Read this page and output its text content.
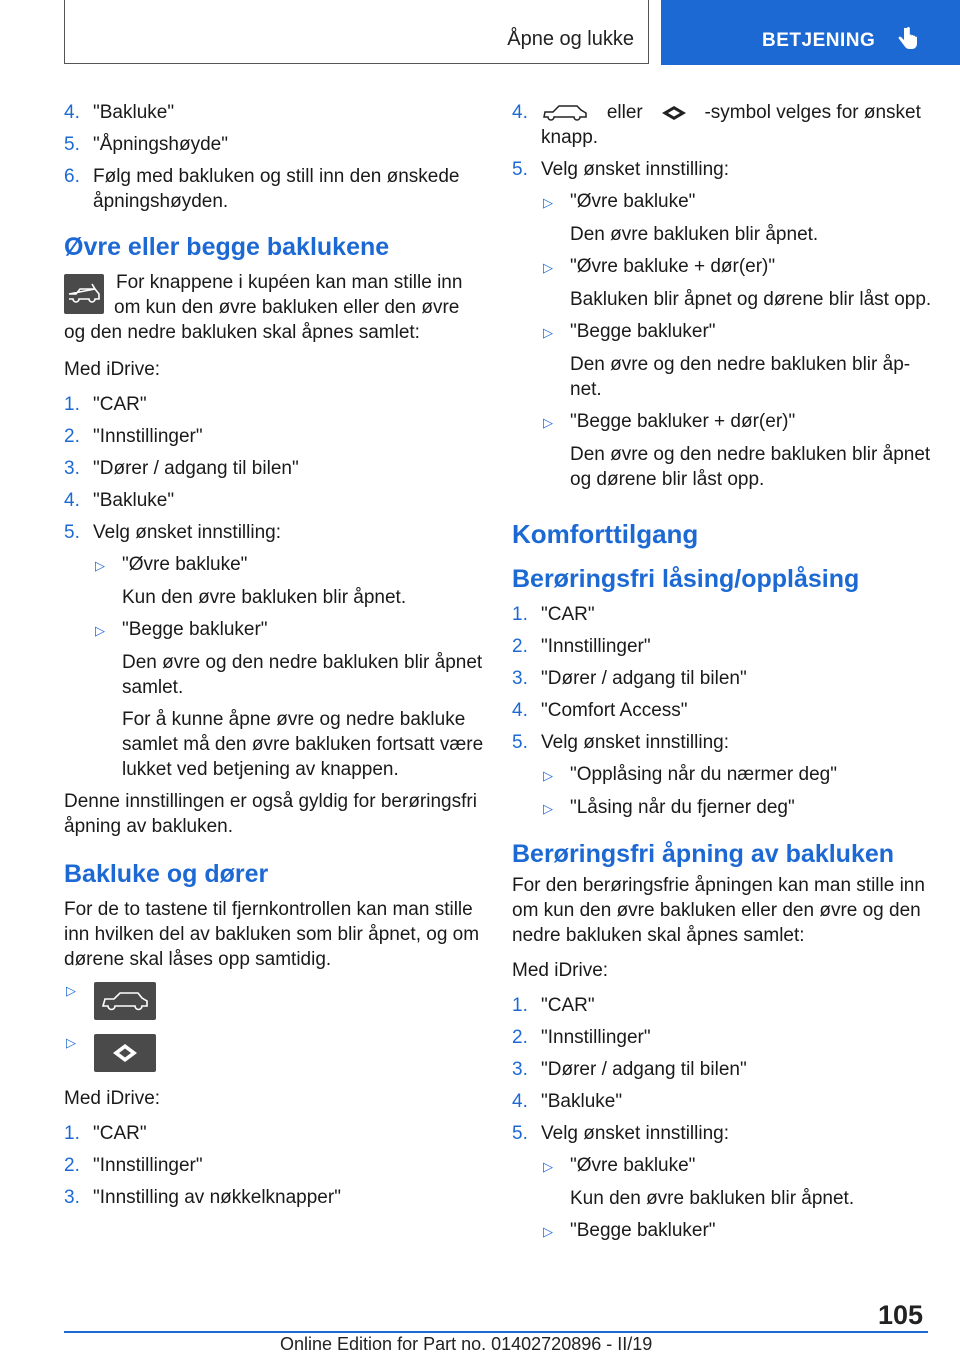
Åpne og lukke	BETJENING
4. "Bakluke"
5. "Åpningshøyde"
6. Følg med bakluken og still inn den ønskede åpningshøyden.
Øvre eller begge baklukene
For knappene i kupéen kan man stille inn om kun den øvre bakluken eller den øvre og den nedre bakluken skal åpnes samlet:
Med iDrive:
1. "CAR"
2. "Innstillinger"
3. "Dører / adgang til bilen"
4. "Bakluke"
5. Velg ønsket innstilling:
▷ "Øvre bakluke"
Kun den øvre bakluken blir åpnet.
▷ "Begge bakluker"
Den øvre og den nedre bakluken blir åpnet samlet.
For å kunne åpne øvre og nedre bakluke samlet må den øvre bakluken fortsatt være lukket ved betjening av knappen.
Denne innstillingen er også gyldig for berøringsfri åpning av bakluken.
Bakluke og dører
For de to tastene til fjernkontrollen kan man stille inn hvilken del av bakluken som blir åpnet, og om dørene skal låses opp samtidig.
▷
▷
Med iDrive:
1. "CAR"
2. "Innstillinger"
3. "Innstilling av nøkkelknapper"
4.	eller	-symbol velges for ønsket knapp.
5. Velg ønsket innstilling:
▷ "Øvre bakluke"
Den øvre bakluken blir åpnet.
▷ "Øvre bakluke + dør(er)"
Bakluken blir åpnet og dørene blir låst opp.
▷ "Begge bakluker"
Den øvre og den nedre bakluken blir åpnet.
▷ "Begge bakluker + dør(er)"
Den øvre og den nedre bakluken blir åpnet og dørene blir låst opp.
Komforttilgang
Berøringsfri låsing/opplåsing
1. "CAR"
2. "Innstillinger"
3. "Dører / adgang til bilen"
4. "Comfort Access"
5. Velg ønsket innstilling:
▷ "Opplåsing når du nærmer deg"
▷ "Låsing når du fjerner deg"
Berøringsfri åpning av bakluken
For den berøringsfrie åpningen kan man stille inn om kun den øvre bakluken eller den øvre og den nedre bakluken skal åpnes samlet:
Med iDrive:
1. "CAR"
2. "Innstillinger"
3. "Dører / adgang til bilen"
4. "Bakluke"
5. Velg ønsket innstilling:
▷ "Øvre bakluke"
Kun den øvre bakluken blir åpnet.
▷ "Begge bakluker"
105
Online Edition for Part no. 01402720896 - II/19
